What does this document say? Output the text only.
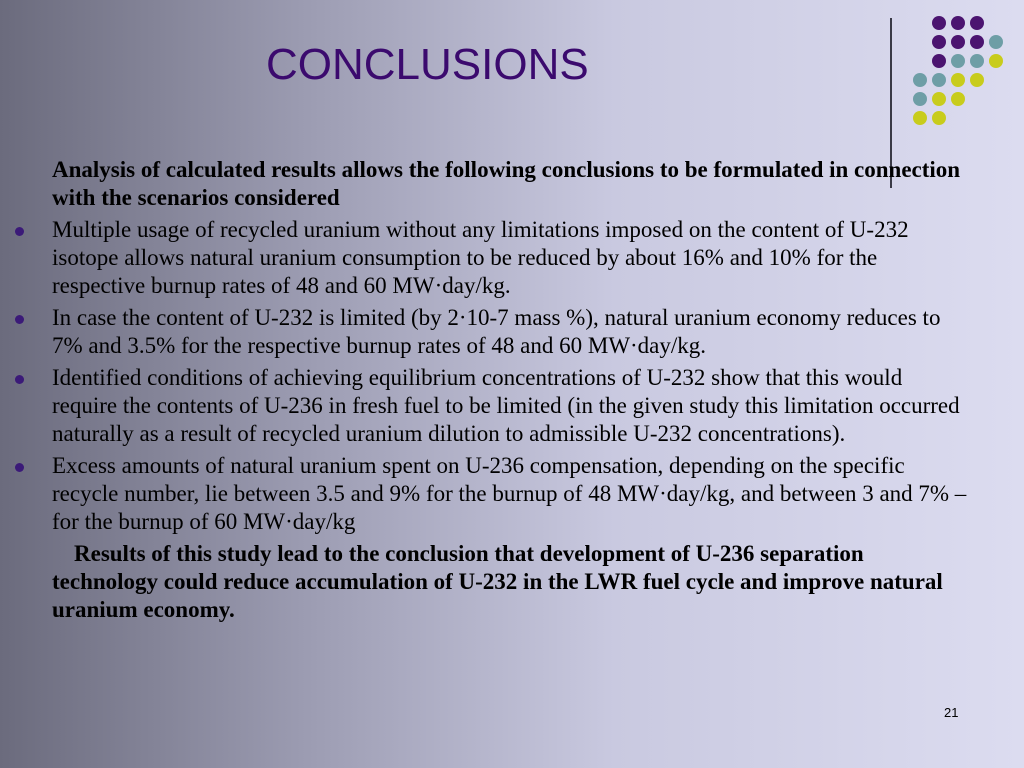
CONCLUSIONS

Analysis of calculated results allows the following conclusions to be formulated in connection with the scenarios considered

Multiple usage of recycled uranium without any limitations imposed on the content of U-232 isotope allows natural uranium consumption to be reduced by about 16% and 10% for the respective burnup rates of 48 and 60 MW·day/kg.
In case the content of U-232 is limited (by 2·10-7 mass %), natural uranium economy reduces to 7% and 3.5% for the respective burnup rates of 48 and 60 MW·day/kg.
Identified conditions of achieving equilibrium concentrations of U-232 show that this would require the contents of U-236 in fresh fuel to be limited (in the given study this limitation occurred naturally as a result of recycled uranium dilution to admissible U-232 concentrations).
Excess amounts of natural uranium spent on U-236 compensation, depending on the specific recycle number, lie between 3.5 and 9% for the burnup of 48 MW·day/kg, and between 3 and 7% – for the burnup of 60 MW·day/kg

Results of this study lead to the conclusion that development of U-236 separation technology could reduce accumulation of U-232 in the LWR fuel cycle and improve natural uranium economy.

21
